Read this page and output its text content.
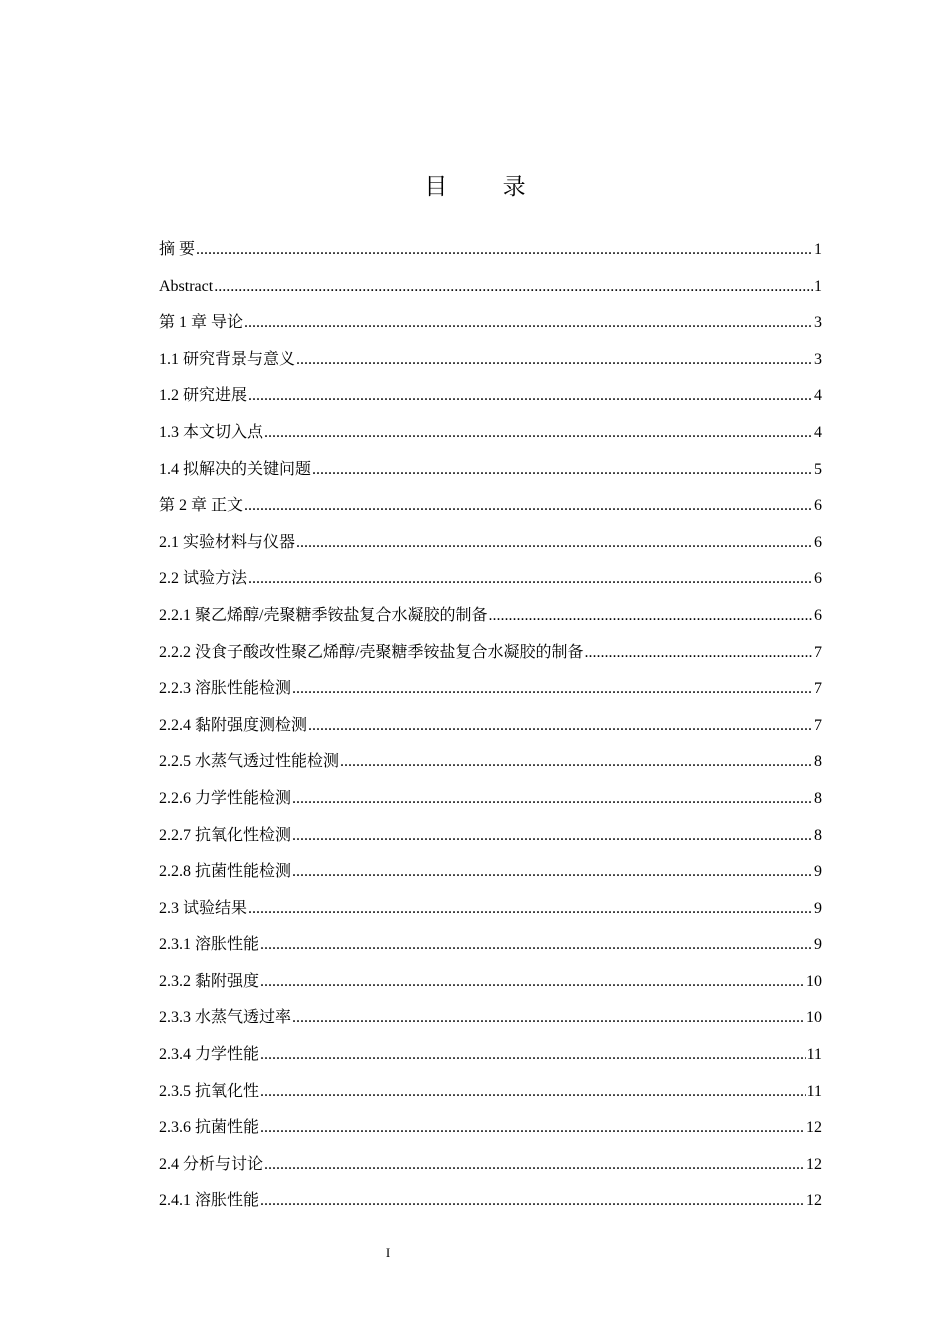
目 录
摘 要 .....	1
Abstract .....	1
第 1 章 导论 .....	3
1.1 研究背景与意义 .....	3
1.2 研究进展 .....	4
1.3 本文切入点 .....	4
1.4 拟解决的关键问题 .....	5
第 2 章 正文 .....	6
2.1 实验材料与仪器 .....	6
2.2 试验方法 .....	6
2.2.1 聚乙烯醇/壳聚糖季铵盐复合水凝胶的制备 .....	6
2.2.2 没食子酸改性聚乙烯醇/壳聚糖季铵盐复合水凝胶的制备 .....	7
2.2.3 溶胀性能检测 .....	7
2.2.4 黏附强度测检测 .....	7
2.2.5 水蒸气透过性能检测 .....	8
2.2.6 力学性能检测 .....	8
2.2.7 抗氧化性检测 .....	8
2.2.8 抗菌性能检测 .....	9
2.3 试验结果 .....	9
2.3.1 溶胀性能 .....	9
2.3.2 黏附强度 .....	10
2.3.3 水蒸气透过率 .....	10
2.3.4 力学性能 .....	11
2.3.5 抗氧化性 .....	11
2.3.6 抗菌性能 .....	12
2.4 分析与讨论 .....	12
2.4.1 溶胀性能 .....	12
I
